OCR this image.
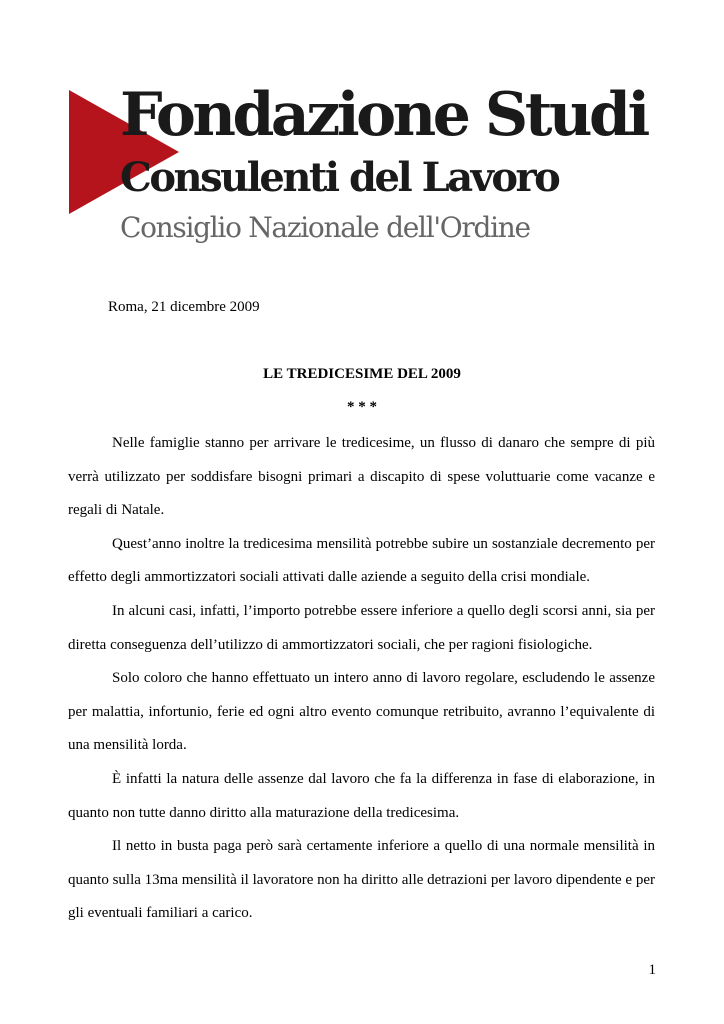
Fondazione Studi
Consulenti del Lavoro
Consiglio Nazionale dell'Ordine
Roma, 21 dicembre 2009
LE TREDICESIME DEL 2009
* * *

Nelle famiglie stanno per arrivare le tredicesime, un flusso di danaro che sempre di più verrà utilizzato per soddisfare bisogni primari a discapito di spese voluttuarie come vacanze e regali di Natale.

Quest’anno inoltre la tredicesima mensilità potrebbe subire un sostanziale decremento per effetto degli ammortizzatori sociali attivati dalle aziende a seguito della crisi mondiale.

In alcuni casi, infatti, l’importo potrebbe essere inferiore a quello degli scorsi anni, sia per diretta conseguenza dell’utilizzo di ammortizzatori sociali, che per ragioni fisiologiche.

Solo coloro che hanno effettuato un intero anno di lavoro regolare, escludendo le assenze per malattia, infortunio, ferie ed ogni altro evento comunque retribuito, avranno l’equivalente di una mensilità lorda.

È infatti la natura delle assenze dal lavoro che fa la differenza in fase di elaborazione, in quanto non tutte danno diritto alla maturazione della tredicesima.

Il netto in busta paga però sarà certamente inferiore a quello di una normale mensilità in quanto sulla 13ma mensilità il lavoratore non ha diritto alle detrazioni per lavoro dipendente e per gli eventuali familiari a carico.

1
